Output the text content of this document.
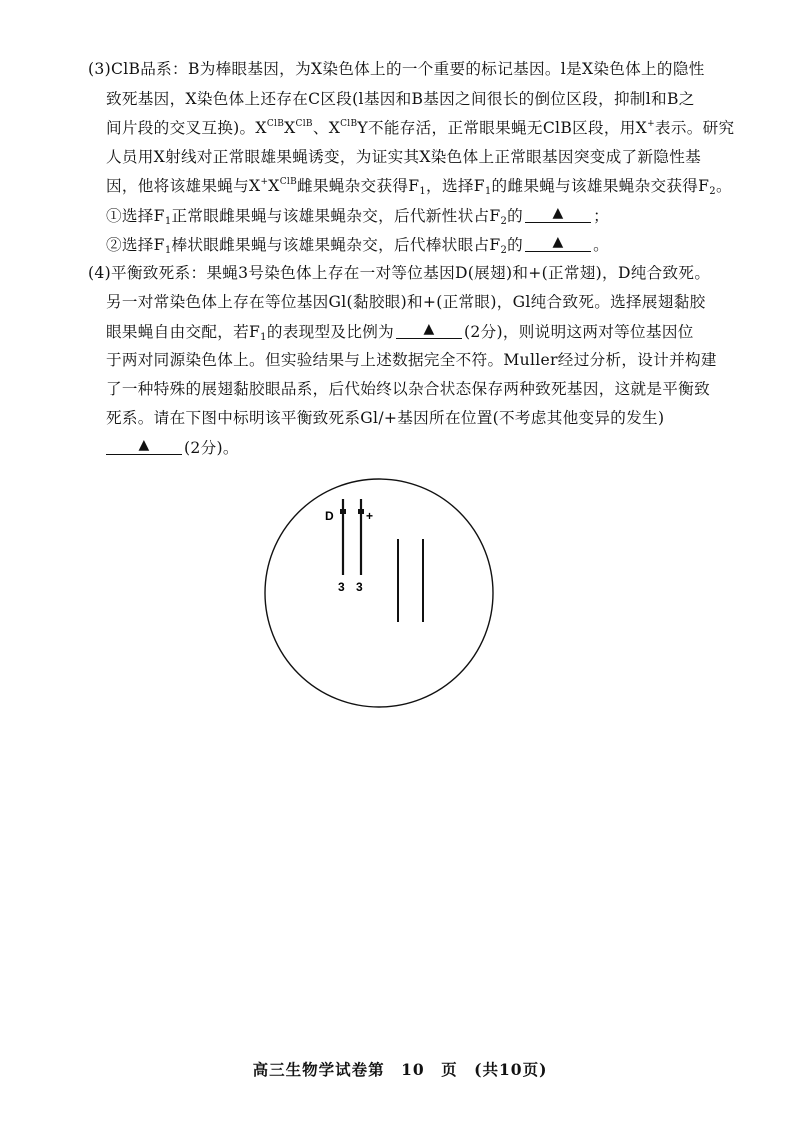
(3)ClB品系：B为棒眼基因，为X染色体上的一个重要的标记基因。l是X染色体上的隐性
致死基因，X染色体上还存在C区段(l基因和B基因之间很长的倒位区段，抑制l和B之
间片段的交叉互换)。$X^{ClB}X^{ClB}$、$X^{ClB}Y$不能存活，正常眼果蝇无ClB区段，用X+表示。研究
人员用X射线对正常眼雄果蝇诱变，为证实其X染色体上正常眼基因突变成了新隐性基
因，他将该雄果蝇与$X^+X^{ClB}$雌果蝇杂交获得$F_1$，选择$F_1$的雌果蝇与该雄果蝇杂交获得$F_2$。
①选择$F_1$正常眼雌果蝇与该雄果蝇杂交，后代新性状占$F_2$的 ▲ ；
②选择$F_1$棒状眼雌果蝇与该雄果蝇杂交，后代棒状眼占$F_2$的 ▲ 。
(4)平衡致死系：果蝇3号染色体上存在一对等位基因D(展翅)和+(正常翅)，D纯合致死。
另一对常染色体上存在等位基因Gl(黏胶眼)和+(正常眼)，Gl纯合致死。选择展翅黏胶
眼果蝇自由交配，若$F_1$的表现型及比例为 ▲ (2分)，则说明这两对等位基因位
于两对同源染色体上。但实验结果与上述数据完全不符。Muller经过分析，设计并构建
了一种特殊的展翅黏胶眼品系，后代始终以杂合状态保存两种致死基因，这就是平衡致
死系。请在下图中标明该平衡致死系Gl/+基因所在位置(不考虑其他变异的发生)
▲ (2分)。
D	+
3 3
高三生物学试卷第　10　页　(共10页)
